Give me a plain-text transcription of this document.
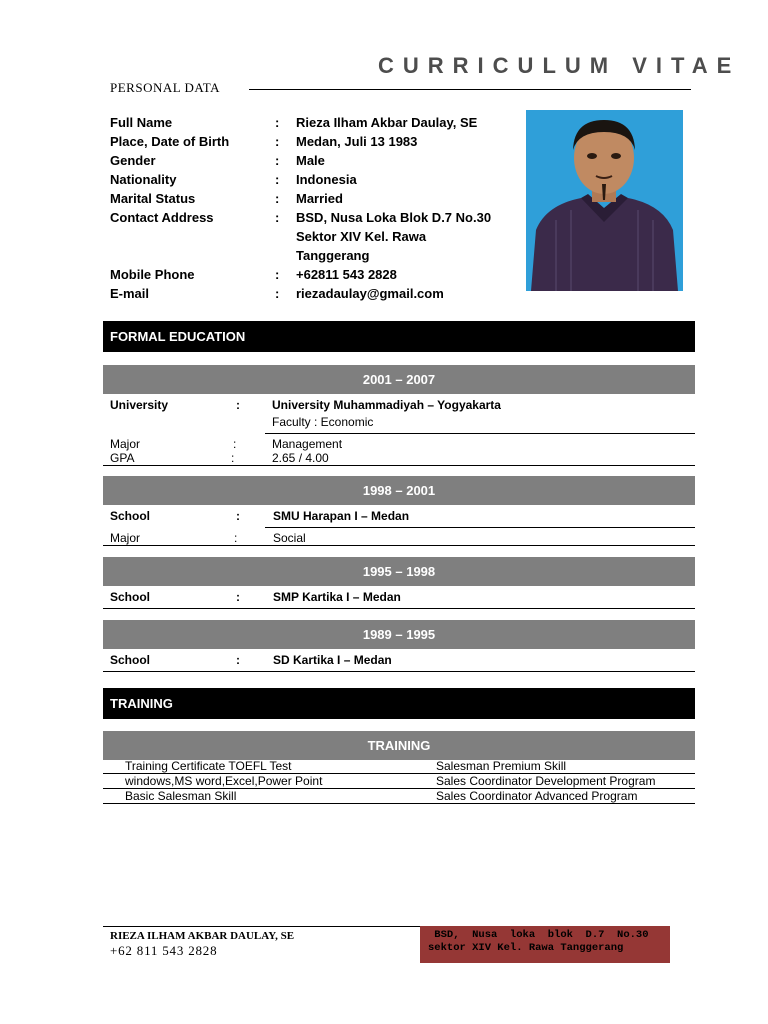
CURRICULUM VITAE
PERSONAL DATA
Full Name	: Rieza Ilham Akbar Daulay, SE
Place, Date of Birth	: Medan, Juli 13 1983
Gender	: Male
Nationality	: Indonesia
Marital Status	: Married
Contact Address	: BSD, Nusa Loka Blok D.7 No.30
Sektor XIV Kel. Rawa
Tanggerang
Mobile Phone	: +62811 543 2828
E-mail	: riezadaulay@gmail.com
FORMAL EDUCATION
2001 – 2007
University	:	University Muhammadiyah – Yogyakarta
Faculty : Economic
Major	:	Management
GPA	:	2.65 / 4.00
1998 – 2001
School	:	SMU Harapan I – Medan
Major	:	Social
1995 – 1998
School	:	SMP Kartika I – Medan
1989 – 1995
School	:	SD Kartika I – Medan
TRAINING
TRAINING
Training Certificate TOEFL Test	Salesman Premium Skill
windows,MS word,Excel,Power Point	Sales Coordinator Development Program
Basic Salesman Skill	Sales Coordinator Advanced Program
RIEZA ILHAM AKBAR DAULAY, SE
+62 811 543 2828
BSD,  Nusa  loka  blok  D.7  No.30
sektor XIV Kel. Rawa Tanggerang
